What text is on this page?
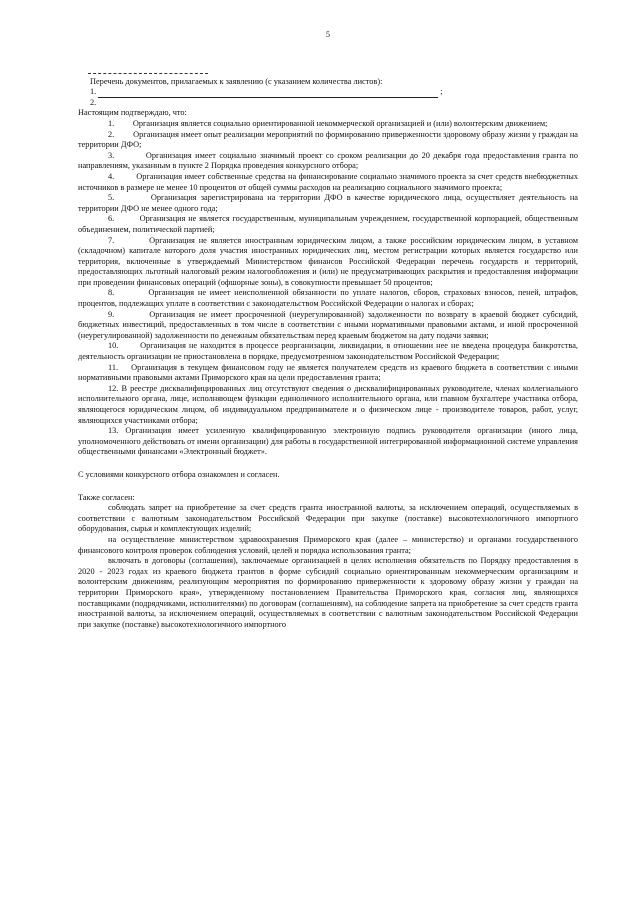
5

Перечень документов, прилагаемых к заявлению (с указанием количества листов):

1.	;
2.

Настоящим подтверждаю, что:

1.         Организация является социально ориентированной некоммерческой организацией и (или) волонтерским движением;

2.         Организация имеет опыт реализации мероприятий по формированию приверженности здоровому образу жизни у граждан на территории ДФО;

3.         Организация имеет социально значимый проект со сроком реализации до 20 декабря года предоставления гранта по направлениям, указанным в пункте 2 Порядка проведения конкурсного отбора;

4.         Организация имеет собственные средства на финансирование социально значимого проекта за счет средств внебюджетных источников в размере не менее 10 процентов от общей суммы расходов на реализацию социального значимого проекта;

5.         Организация зарегистрирована на территории ДФО в качестве юридического лица, осуществляет деятельность на территории ДФО не менее одного года;

6.         Организация не является государственным, муниципальным учреждением, государственной корпорацией, общественным объединением, политической партией;

7.         Организация не является иностранным юридическим лицом, а также российским юридическим лицом, в уставном (складочном) капитале которого доля участия иностранных юридических лиц, местом регистрации которых является государство или территория, включенные в утверждаемый Министерством финансов Российской Федерации перечень государств и территорий, предоставляющих льготный налоговый режим налогообложения и (или) не предусматривающих раскрытия и предоставления информации при проведении финансовых операций (офшорные зоны), в совокупности превышает 50 процентов;

8.         Организация не имеет неисполненной обязанности по уплате налогов, сборов, страховых взносов, пеней, штрафов, процентов, подлежащих уплате в соответствии с законодательством Российской Федерации о налогах и сборах;

9.         Организация не имеет просроченной (неурегулированной) задолженности по возврату в краевой бюджет субсидий, бюджетных инвестиций, предоставленных в том числе в соответствии с иными нормативными правовыми актами, и иной просроченной (неурегулированной) задолженности по денежным обязательствам перед краевым бюджетом на дату подачи заявки;

10.       Организация не находится в процессе реорганизации, ликвидации, в отношении нее не введена процедура банкротства, деятельность организации не приостановлена в порядке, предусмотренном законодательством Российской Федерации;

11.    Организация в текущем финансовом году не является получателем средств из краевого бюджета в соответствии с иными нормативными правовыми актами Приморского края на цели предоставления гранта;

12. В реестре дисквалифицированных лиц отсутствуют сведения о дисквалифицированных руководителе, членах коллегиального исполнительного органа, лице, исполняющем функции единоличного исполнительного органа, или главном бухгалтере участника отбора, являющегося юридическим лицом, об индивидуальном предпринимателе и о физическом лице - производителе товаров, работ, услуг, являющихся участниками отбора;

13. Организация имеет усиленную квалифицированную электронную подпись руководителя организации (иного лица, уполномоченного действовать от имени организации) для работы в государственной интегрированной информационной системе управления общественными финансами «Электронный бюджет».

С условиями конкурсного отбора ознакомлен и согласен.

Также согласен:

соблюдать запрет на приобретение за счет средств гранта иностранной валюты, за исключением операций, осуществляемых в соответствии с валютным законодательством Российской Федерации при закупке (поставке) высокотехнологичного импортного оборудования, сырья и комплектующих изделий;

на осуществление министерством здравоохранения Приморского края (далее – министерство) и органами государственного финансового контроля проверок соблюдения условий, целей и порядка использования гранта;

включать в договоры (соглашения), заключаемые организацией в целях исполнения обязательств по Порядку предоставления в 2020 - 2023 годах из краевого бюджета грантов в форме субсидий социально ориентированным некоммерческим организациям и волонтерским движениям, реализующим мероприятия по формированию приверженности к здоровому образу жизни у граждан на территории Приморского края», утвержденному постановлением Правительства Приморского края, согласия лиц, являющихся поставщиками (подрядчиками, исполнителями) по договорам (соглашениям), на соблюдение запрета на приобретение за счет средств гранта иностранной валюты, за исключением операций, осуществляемых в соответствии с валютным законодательством Российской Федерации при закупке (поставке) высокотехнологичного импортного
